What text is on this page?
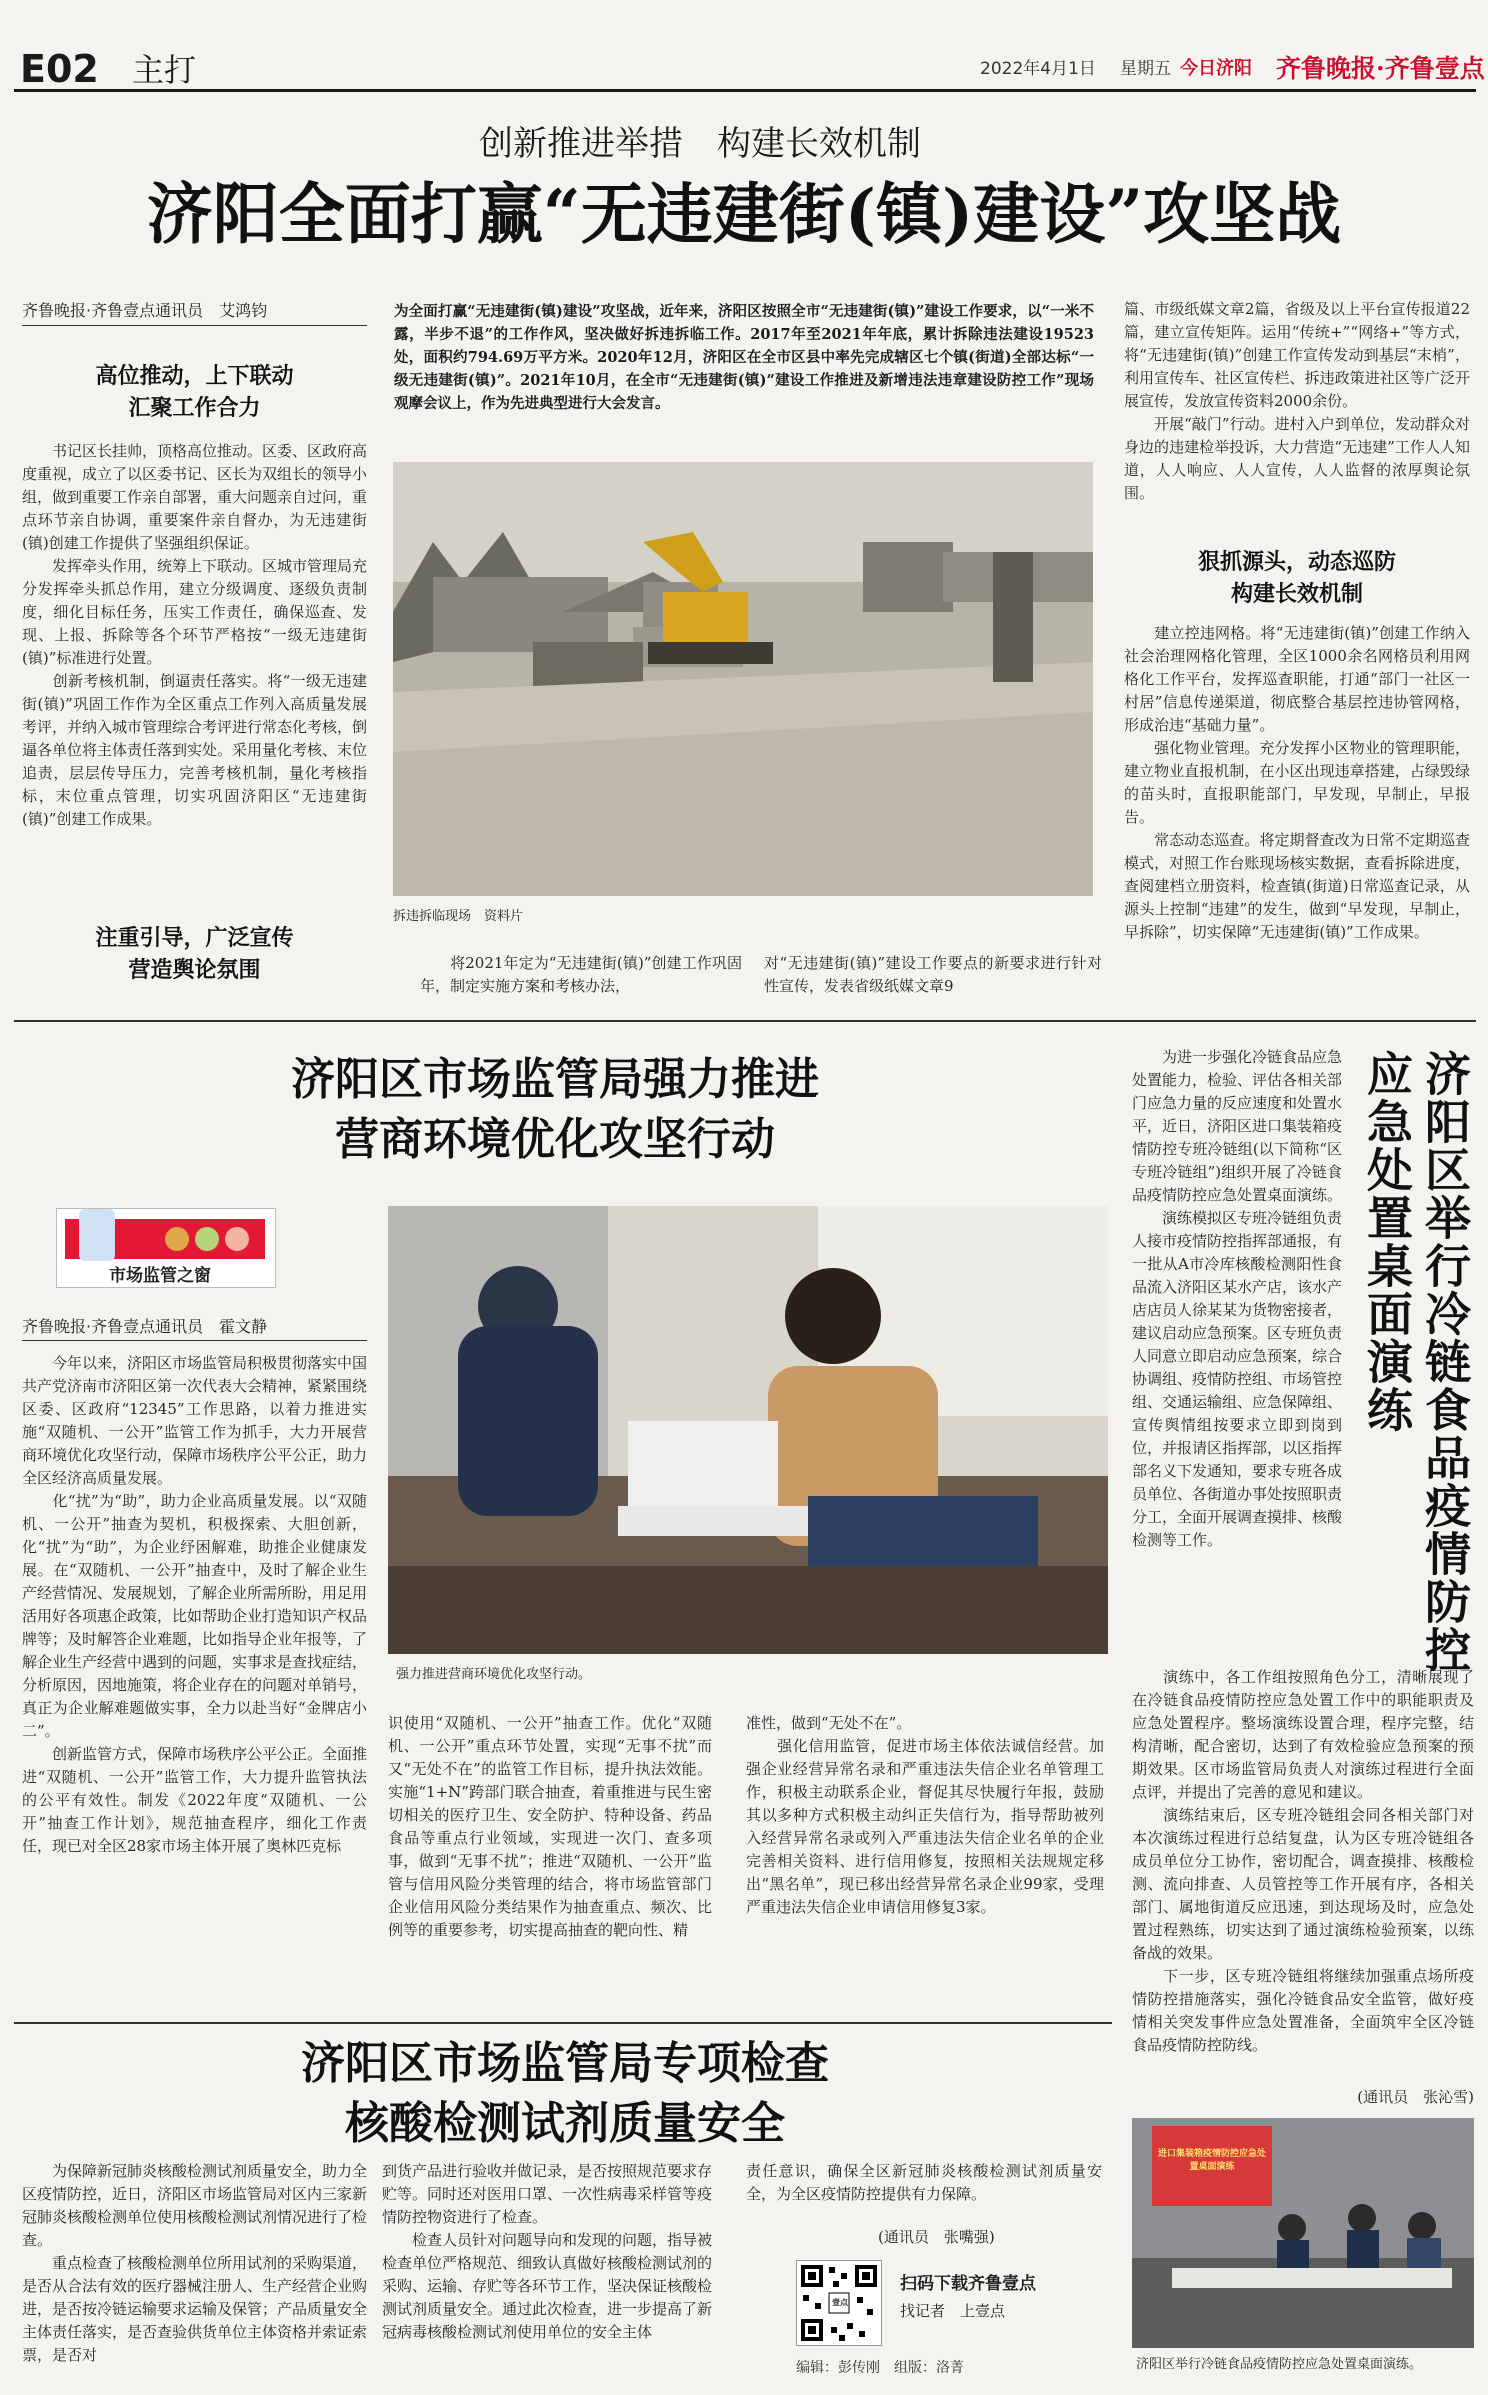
E02 主打	2022年4月1日	星期五 今日济阳 齐鲁晚报·齐鲁壹点
创新推进举措　构建长效机制
济阳全面打赢“无违建街(镇)建设”攻坚战
齐鲁晚报·齐鲁壹点通讯员　艾鸿钧
高位推动，上下联动
汇聚工作合力
　　书记区长挂帅，顶格高位推动。区委、区政府高度重视，成立了以区委书记、区长为双组长的领导小组，做到重要工作亲自部署，重大问题亲自过问，重点环节亲自协调，重要案件亲自督办，为无违建街(镇)创建工作提供了坚强组织保证。
　　发挥牵头作用，统筹上下联动。区城市管理局充分发挥牵头抓总作用，建立分级调度、逐级负责制度，细化目标任务，压实工作责任，确保巡查、发现、上报、拆除等各个环节严格按“一级无违建街(镇)”标准进行处置。
　　创新考核机制，倒逼责任落实。将“一级无违建街(镇)”巩固工作作为全区重点工作列入高质量发展考评，并纳入城市管理综合考评进行常态化考核，倒逼各单位将主体责任落到实处。采用量化考核、末位追责，层层传导压力，完善考核机制，量化考核指标，末位重点管理，切实巩固济阳区“无违建街(镇)”创建工作成果。
注重引导，广泛宣传
营造舆论氛围
为全面打赢“无违建街(镇)建设”攻坚战，近年来，济阳区按照全市“无违建街(镇)”建设工作要求，以“一米不露，半步不退”的工作作风，坚决做好拆违拆临工作。2017年至2021年年底，累计拆除违法建设19523处，面积约794.69万平方米。2020年12月，济阳区在全市区县中率先完成辖区七个镇(街道)全部达标“一级无违建街(镇)”。2021年10月，在全市“无违建街(镇)”建设工作推进及新增违法违章建设防控工作”现场观摩会议上，作为先进典型进行大会发言。
拆违拆临现场　资料片
　　将2021年定为“无违建街(镇)”创建工作巩固年，制定实施方案和考核办法，
对“无违建街(镇)”建设工作要点的新要求进行针对性宣传，发表省级纸媒文章9
篇、市级纸媒文章2篇，省级及以上平台宣传报道22篇，建立宣传矩阵。运用“传统+”“网络+”等方式，将“无违建街(镇)”创建工作宣传发动到基层“末梢”，利用宣传车、社区宣传栏、拆违政策进社区等广泛开展宣传，发放宣传资料2000余份。
　　开展“敲门”行动。进村入户到单位，发动群众对身边的违建检举投诉，大力营造“无违建”工作人人知道，人人响应、人人宣传，人人监督的浓厚舆论氛围。
狠抓源头，动态巡防
构建长效机制
　　建立控违网格。将“无违建街(镇)”创建工作纳入社会治理网格化管理，全区1000余名网格员利用网格化工作平台，发挥巡查职能，打通“部门一社区一村居”信息传递渠道，彻底整合基层控违协管网格，形成治违“基础力量”。
　　强化物业管理。充分发挥小区物业的管理职能，建立物业直报机制，在小区出现违章搭建，占绿毁绿的苗头时，直报职能部门，早发现，早制止，早报告。
　　常态动态巡查。将定期督查改为日常不定期巡查模式，对照工作台账现场核实数据，查看拆除进度，查阅建档立册资料，检查镇(街道)日常巡查记录，从源头上控制“违建”的发生，做到“早发现，早制止，早拆除”，切实保障“无违建街(镇)”工作成果。
济阳区市场监管局强力推进
营商环境优化攻坚行动
市场监管之窗
齐鲁晚报·齐鲁壹点通讯员　霍文静
　　今年以来，济阳区市场监管局积极贯彻落实中国共产党济南市济阳区第一次代表大会精神，紧紧围绕区委、区政府“12345”工作思路，以着力推进实施“双随机、一公开”监管工作为抓手，大力开展营商环境优化攻坚行动，保障市场秩序公平公正，助力全区经济高质量发展。
　　化“扰”为“助”，助力企业高质量发展。以“双随机、一公开”抽查为契机，积极探索、大胆创新，化“扰”为“助”，为企业纾困解难，助推企业健康发展。在“双随机、一公开”抽查中，及时了解企业生产经营情况、发展规划，了解企业所需所盼，用足用活用好各项惠企政策，比如帮助企业打造知识产权品牌等；及时解答企业难题，比如指导企业年报等，了解企业生产经营中遇到的问题，实事求是查找症结，分析原因，因地施策，将企业存在的问题对单销号，真正为企业解难题做实事，全力以赴当好“金牌店小二”。
　　创新监管方式，保障市场秩序公平公正。全面推进“双随机、一公开”监管工作，大力提升监管执法的公平有效性。制发《2022年度“双随机、一公开”抽查工作计划》，规范抽查程序，细化工作责任，现已对全区28家市场主体开展了奥林匹克标
强力推进营商环境优化攻坚行动。
识使用“双随机、一公开”抽查工作。优化“双随机、一公开”重点环节处置，实现“无事不扰”而又“无处不在”的监管工作目标，提升执法效能。实施“1+N”跨部门联合抽查，着重推进与民生密切相关的医疗卫生、安全防护、特种设备、药品食品等重点行业领域，实现进一次门、查多项事，做到“无事不扰”；推进“双随机、一公开”监管与信用风险分类管理的结合，将市场监管部门企业信用风险分类结果作为抽查重点、频次、比例等的重要参考，切实提高抽查的靶向性、精
准性，做到“无处不在”。
　　强化信用监管，促进市场主体依法诚信经营。加强企业经营异常名录和严重违法失信企业名单管理工作，积极主动联系企业，督促其尽快履行年报，鼓励其以多种方式积极主动纠正失信行为，指导帮助被列入经营异常名录或列入严重违法失信企业名单的企业完善相关资料、进行信用修复，按照相关法规规定移出“黑名单”，现已移出经营异常名录企业99家，受理严重违法失信企业申请信用修复3家。
济阳区举行冷链食品疫情防控应急处置桌面演练
　　为进一步强化冷链食品应急处置能力，检验、评估各相关部门应急力量的反应速度和处置水平，近日，济阳区进口集装箱疫情防控专班冷链组(以下简称“区专班冷链组”)组织开展了冷链食品疫情防控应急处置桌面演练。
　　演练模拟区专班冷链组负责人接市疫情防控指挥部通报，有一批从A市冷库核酸检测阳性食品流入济阳区某水产店，该水产店店员人徐某某为货物密接者，建议启动应急预案。区专班负责人同意立即启动应急预案，综合协调组、疫情防控组、市场管控组、交通运输组、应急保障组、宣传舆情组按要求立即到岗到位，并报请区指挥部，以区指挥部名义下发通知，要求专班各成员单位、各街道办事处按照职责分工，全面开展调查摸排、核酸检测等工作。
　　演练中，各工作组按照角色分工，清晰展现了在冷链食品疫情防控应急处置工作中的职能职责及应急处置程序。整场演练设置合理，程序完整，结构清晰，配合密切，达到了有效检验应急预案的预期效果。区市场监管局负责人对演练过程进行全面点评，并提出了完善的意见和建议。
　　演练结束后，区专班冷链组会同各相关部门对本次演练过程进行总结复盘，认为区专班冷链组各成员单位分工协作，密切配合，调查摸排、核酸检测、流向排查、人员管控等工作开展有序，各相关部门、属地街道反应迅速，到达现场及时，应急处置过程熟练，切实达到了通过演练检验预案，以练备战的效果。
　　下一步，区专班冷链组将继续加强重点场所疫情防控措施落实，强化冷链食品安全监管，做好疫情相关突发事件应急处置准备，全面筑牢全区冷链食品疫情防控防线。
(通讯员　张沁雪)
进口集装箱疫情防控应急处置桌面演练
济阳区举行冷链食品疫情防控应急处置桌面演练。
济阳区市场监管局专项检查
核酸检测试剂质量安全
　　为保障新冠肺炎核酸检测试剂质量安全，助力全区疫情防控，近日，济阳区市场监管局对区内三家新冠肺炎核酸检测单位使用核酸检测试剂情况进行了检查。
　　重点检查了核酸检测单位所用试剂的采购渠道，是否从合法有效的医疗器械注册人、生产经营企业购进，是否按冷链运输要求运输及保管；产品质量安全主体责任落实，是否查验供货单位主体资格并索证索票，是否对
到货产品进行验收并做记录，是否按照规范要求存贮等。同时还对医用口罩、一次性病毒采样管等疫情防控物资进行了检查。
　　检查人员针对问题导向和发现的问题，指导被检查单位严格规范、细致认真做好核酸检测试剂的采购、运输、存贮等各环节工作，坚决保证核酸检测试剂质量安全。通过此次检查，进一步提高了新冠病毒核酸检测试剂使用单位的安全主体
责任意识，确保全区新冠肺炎核酸检测试剂质量安全，为全区疫情防控提供有力保障。
(通讯员　张嘴强)
壹点
扫码下载齐鲁壹点
找记者　上壹点
编辑：彭传刚　组版：洛菁
